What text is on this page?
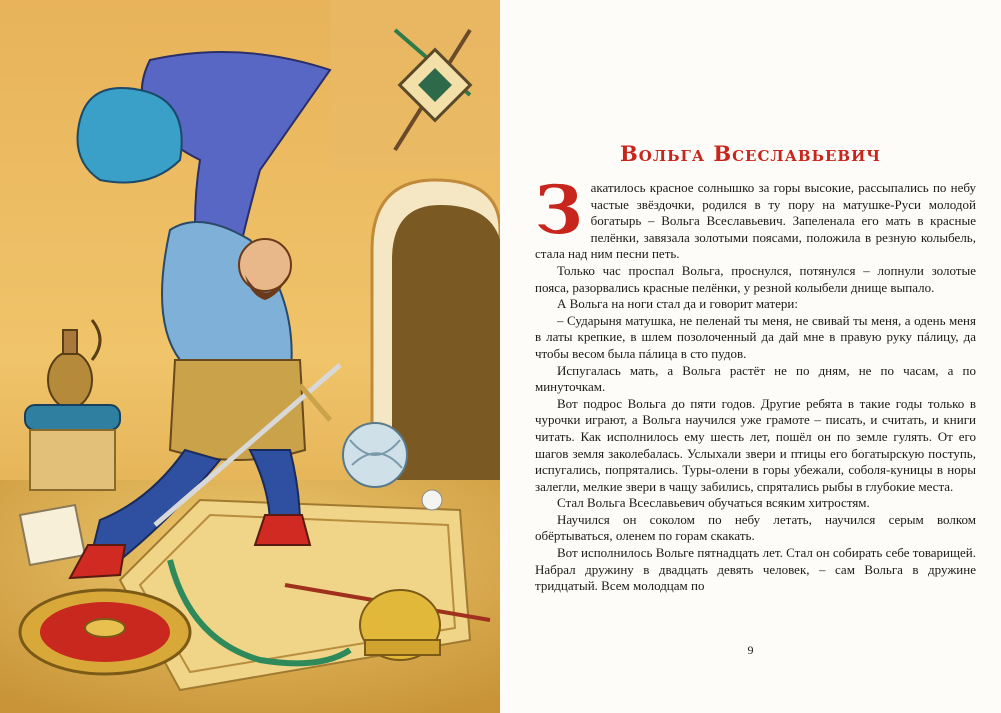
Вольга Всеславьевич

Закатилось красное солнышко за горы высокие, рассыпались по небу частые звёздочки, родился в ту пору на матушке-Руси молодой богатырь – Вольга Всеславьевич. Запеленала его мать в красные пелёнки, завязала золотыми поясами, положила в резную колыбель, стала над ним песни петь.

Только час проспал Вольга, проснулся, потянулся – лопнули золотые пояса, разорвались красные пелёнки, у резной колыбели днище выпало.

А Вольга на ноги стал да и говорит матери:

– Сударыня матушка, не пеленай ты меня, не свивай ты меня, а одень меня в латы крепкие, в шлем позолоченный да дай мне в правую руку пáлицу, да чтобы весом была пáлица в сто пудов.

Испугалась мать, а Вольга растёт не по дням, не по часам, а по минуточкам.

Вот подрос Вольга до пяти годов. Другие ребята в такие годы только в чурочки играют, а Вольга научился уже грамоте – писать, и считать, и книги читать. Как исполнилось ему шесть лет, пошёл он по земле гулять. От его шагов земля заколебалась. Услыхали звери и птицы его богатырскую поступь, испугались, попрятались. Туры-олени в горы убежали, соболя-куницы в норы залегли, мелкие звери в чащу забились, спрятались рыбы в глубокие места.

Стал Вольга Всеславьевич обучаться всяким хитростям.

Научился он соколом по небу летать, научился серым волком обёртываться, оленем по горам скакать.

Вот исполнилось Вольге пятнадцать лет. Стал он собирать себе товарищей. Набрал дружину в двадцать девять человек, – сам Вольга в дружине тридцатый. Всем молодцам по

9
